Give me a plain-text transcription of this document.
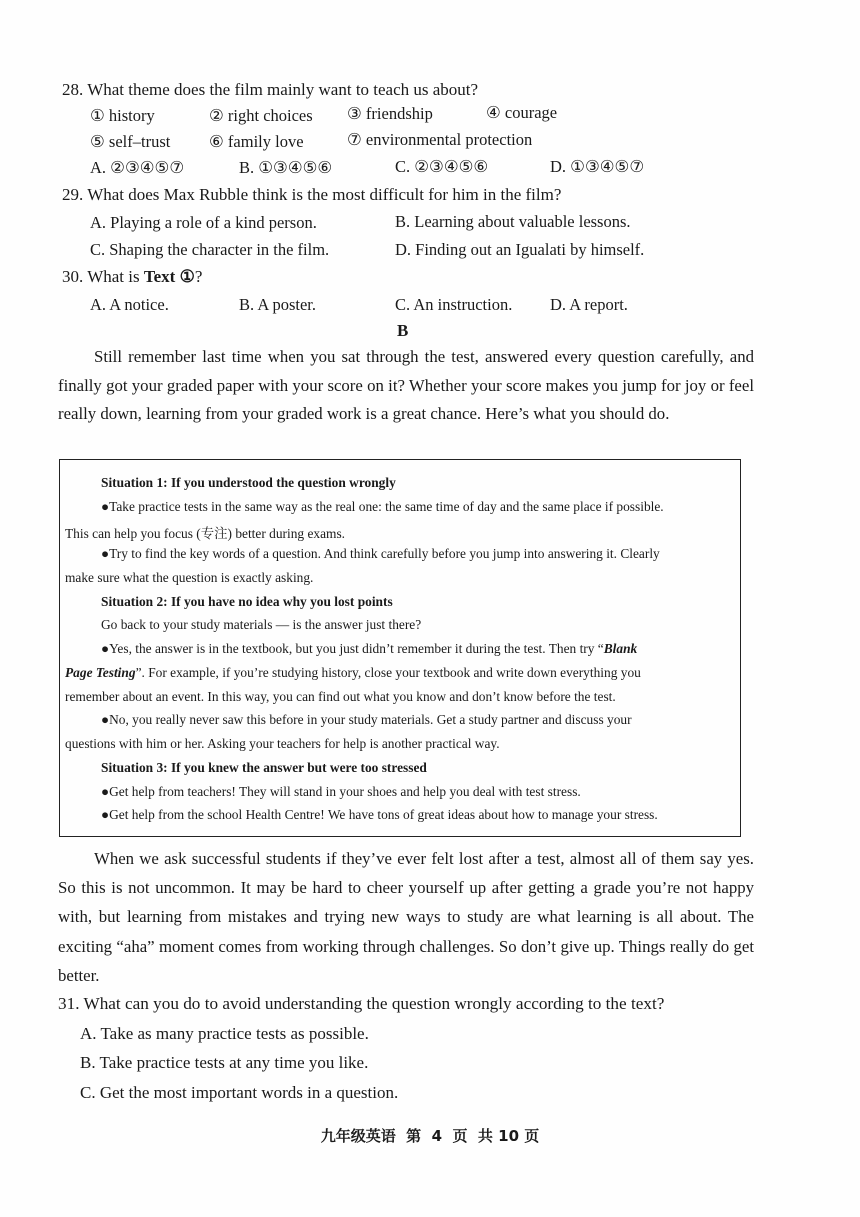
28. What theme does the film mainly want to teach us about?
① history	② right choices ③ friendship	④ courage
⑤ self–trust ⑥ family love	⑦ environmental protection
A. ②③④⑤⑦	B. ①③④⑤⑥	C. ②③④⑤⑥	D. ①③④⑤⑦
29. What does Max Rubble think is the most difficult for him in the film?
A. Playing a role of a kind person.	B. Learning about valuable lessons.
C. Shaping the character in the film.	D. Finding out an Igualati by himself.
30. What is Text ①?
A. A notice.	B. A poster.	C. An instruction. D. A report.
B
Still remember last time when you sat through the test, answered every question carefully, and finally got your graded paper with your score on it? Whether your score makes you jump for joy or feel really down, learning from your graded work is a great chance. Here’s what you should do.
Situation 1: If you understood the question wrongly
●Take practice tests in the same way as the real one: the same time of day and the same place if possible.
This can help you focus (专注) better during exams.
●Try to find the key words of a question. And think carefully before you jump into answering it. Clearly
make sure what the question is exactly asking.
Situation 2: If you have no idea why you lost points
Go back to your study materials — is the answer just there?
●Yes, the answer is in the textbook, but you just didn’t remember it during the test. Then try “Blank
Page Testing”. For example, if you’re studying history, close your textbook and write down everything you
remember about an event. In this way, you can find out what you know and don’t know before the test.
●No, you really never saw this before in your study materials. Get a study partner and discuss your
questions with him or her. Asking your teachers for help is another practical way.
Situation 3: If you knew the answer but were too stressed
●Get help from teachers! They will stand in your shoes and help you deal with test stress.
●Get help from the school Health Centre! We have tons of great ideas about how to manage your stress.
When we ask successful students if they’ve ever felt lost after a test, almost all of them say yes. So this is not uncommon. It may be hard to cheer yourself up after getting a grade you’re not happy with, but learning from mistakes and trying new ways to study are what learning is all about. The exciting “aha” moment comes from working through challenges. So don’t give up. Things really do get better.
31. What can you do to avoid understanding the question wrongly according to the text?
A. Take as many practice tests as possible.
B. Take practice tests at any time you like.
C. Get the most important words in a question.
九年级英语  第  4  页  共 10 页
